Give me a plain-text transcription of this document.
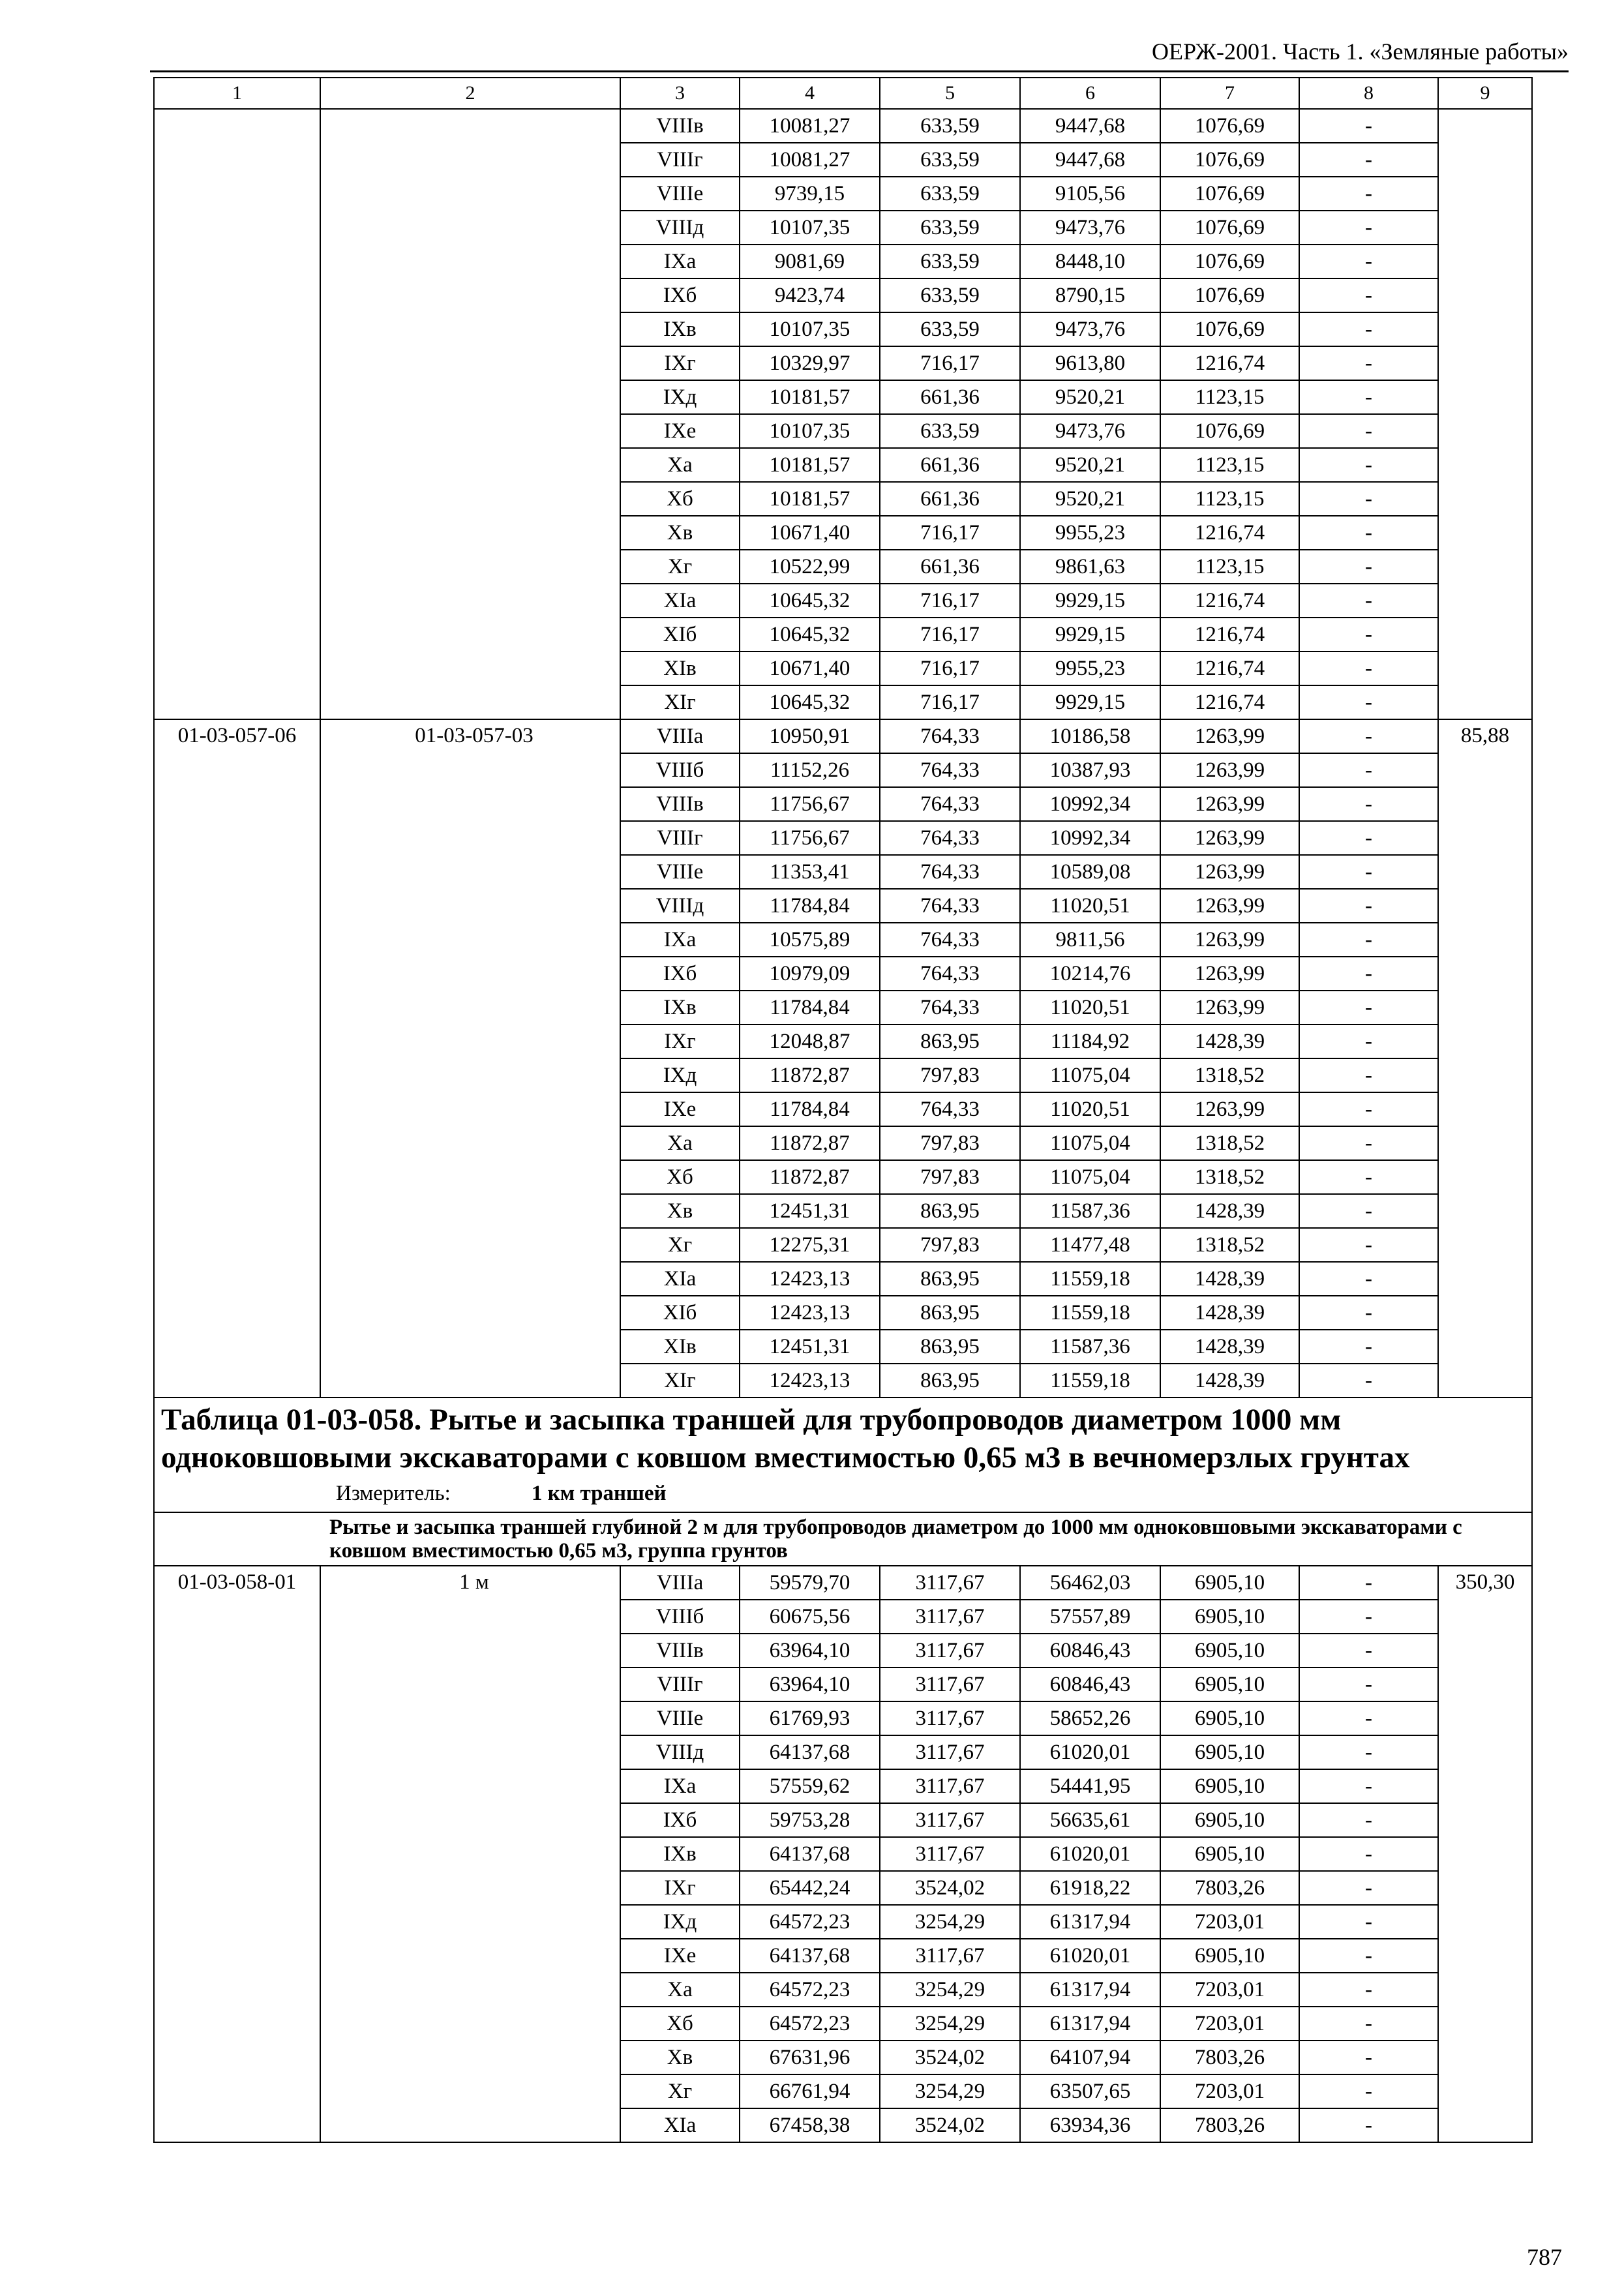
ОЕРЖ-2001. Часть 1. «Земляные работы»
1	2	3	4	5	6	7	8	9
		VIIIв	10081,27	633,59	9447,68	1076,69	-	
		VIIIг	10081,27	633,59	9447,68	1076,69	-	
		VIIIе	9739,15	633,59	9105,56	1076,69	-	
		VIIIд	10107,35	633,59	9473,76	1076,69	-	
		IXа	9081,69	633,59	8448,10	1076,69	-	
		IXб	9423,74	633,59	8790,15	1076,69	-	
		IXв	10107,35	633,59	9473,76	1076,69	-	
		IXг	10329,97	716,17	9613,80	1216,74	-	
		IXд	10181,57	661,36	9520,21	1123,15	-	
		IXе	10107,35	633,59	9473,76	1076,69	-	
		Xа	10181,57	661,36	9520,21	1123,15	-	
		Xб	10181,57	661,36	9520,21	1123,15	-	
		Xв	10671,40	716,17	9955,23	1216,74	-	
		Xг	10522,99	661,36	9861,63	1123,15	-	
		XIа	10645,32	716,17	9929,15	1216,74	-	
		XIб	10645,32	716,17	9929,15	1216,74	-	
		XIв	10671,40	716,17	9955,23	1216,74	-	
		XIг	10645,32	716,17	9929,15	1216,74	-	
01-03-057-06	01-03-057-03	VIIIа	10950,91	764,33	10186,58	1263,99	-	85,88
		VIIIб	11152,26	764,33	10387,93	1263,99	-	
		VIIIв	11756,67	764,33	10992,34	1263,99	-	
		VIIIг	11756,67	764,33	10992,34	1263,99	-	
		VIIIе	11353,41	764,33	10589,08	1263,99	-	
		VIIIд	11784,84	764,33	11020,51	1263,99	-	
		IXа	10575,89	764,33	9811,56	1263,99	-	
		IXб	10979,09	764,33	10214,76	1263,99	-	
		IXв	11784,84	764,33	11020,51	1263,99	-	
		IXг	12048,87	863,95	11184,92	1428,39	-	
		IXд	11872,87	797,83	11075,04	1318,52	-	
		IXе	11784,84	764,33	11020,51	1263,99	-	
		Xа	11872,87	797,83	11075,04	1318,52	-	
		Xб	11872,87	797,83	11075,04	1318,52	-	
		Xв	12451,31	863,95	11587,36	1428,39	-	
		Xг	12275,31	797,83	11477,48	1318,52	-	
		XIа	12423,13	863,95	11559,18	1428,39	-	
		XIб	12423,13	863,95	11559,18	1428,39	-	
		XIв	12451,31	863,95	11587,36	1428,39	-	
		XIг	12423,13	863,95	11559,18	1428,39	-	

Таблица 01-03-058. Рытье и засыпка траншей для трубопроводов диаметром 1000 мм одноковшовыми экскаваторами с ковшом вместимостью 0,65 м3 в вечномерзлых грунтах
Измеритель: 1 км траншей								

Рытье и засыпка траншей глубиной 2 м для трубопроводов диаметром до 1000 мм одноковшовыми экскаваторами с ковшом вместимостью 0,65 м3, группа грунтов								
01-03-058-01	1 м	VIIIа	59579,70	3117,67	56462,03	6905,10	-	350,30
		VIIIб	60675,56	3117,67	57557,89	6905,10	-	
		VIIIв	63964,10	3117,67	60846,43	6905,10	-	
		VIIIг	63964,10	3117,67	60846,43	6905,10	-	
		VIIIе	61769,93	3117,67	58652,26	6905,10	-	
		VIIIд	64137,68	3117,67	61020,01	6905,10	-	
		IXа	57559,62	3117,67	54441,95	6905,10	-	
		IXб	59753,28	3117,67	56635,61	6905,10	-	
		IXв	64137,68	3117,67	61020,01	6905,10	-	
		IXг	65442,24	3524,02	61918,22	7803,26	-	
		IXд	64572,23	3254,29	61317,94	7203,01	-	
		IXе	64137,68	3117,67	61020,01	6905,10	-	
		Xа	64572,23	3254,29	61317,94	7203,01	-	
		Xб	64572,23	3254,29	61317,94	7203,01	-	
		Xв	67631,96	3524,02	64107,94	7803,26	-	
		Xг	66761,94	3254,29	63507,65	7203,01	-	
		XIа	67458,38	3524,02	63934,36	7803,26	-	
787
